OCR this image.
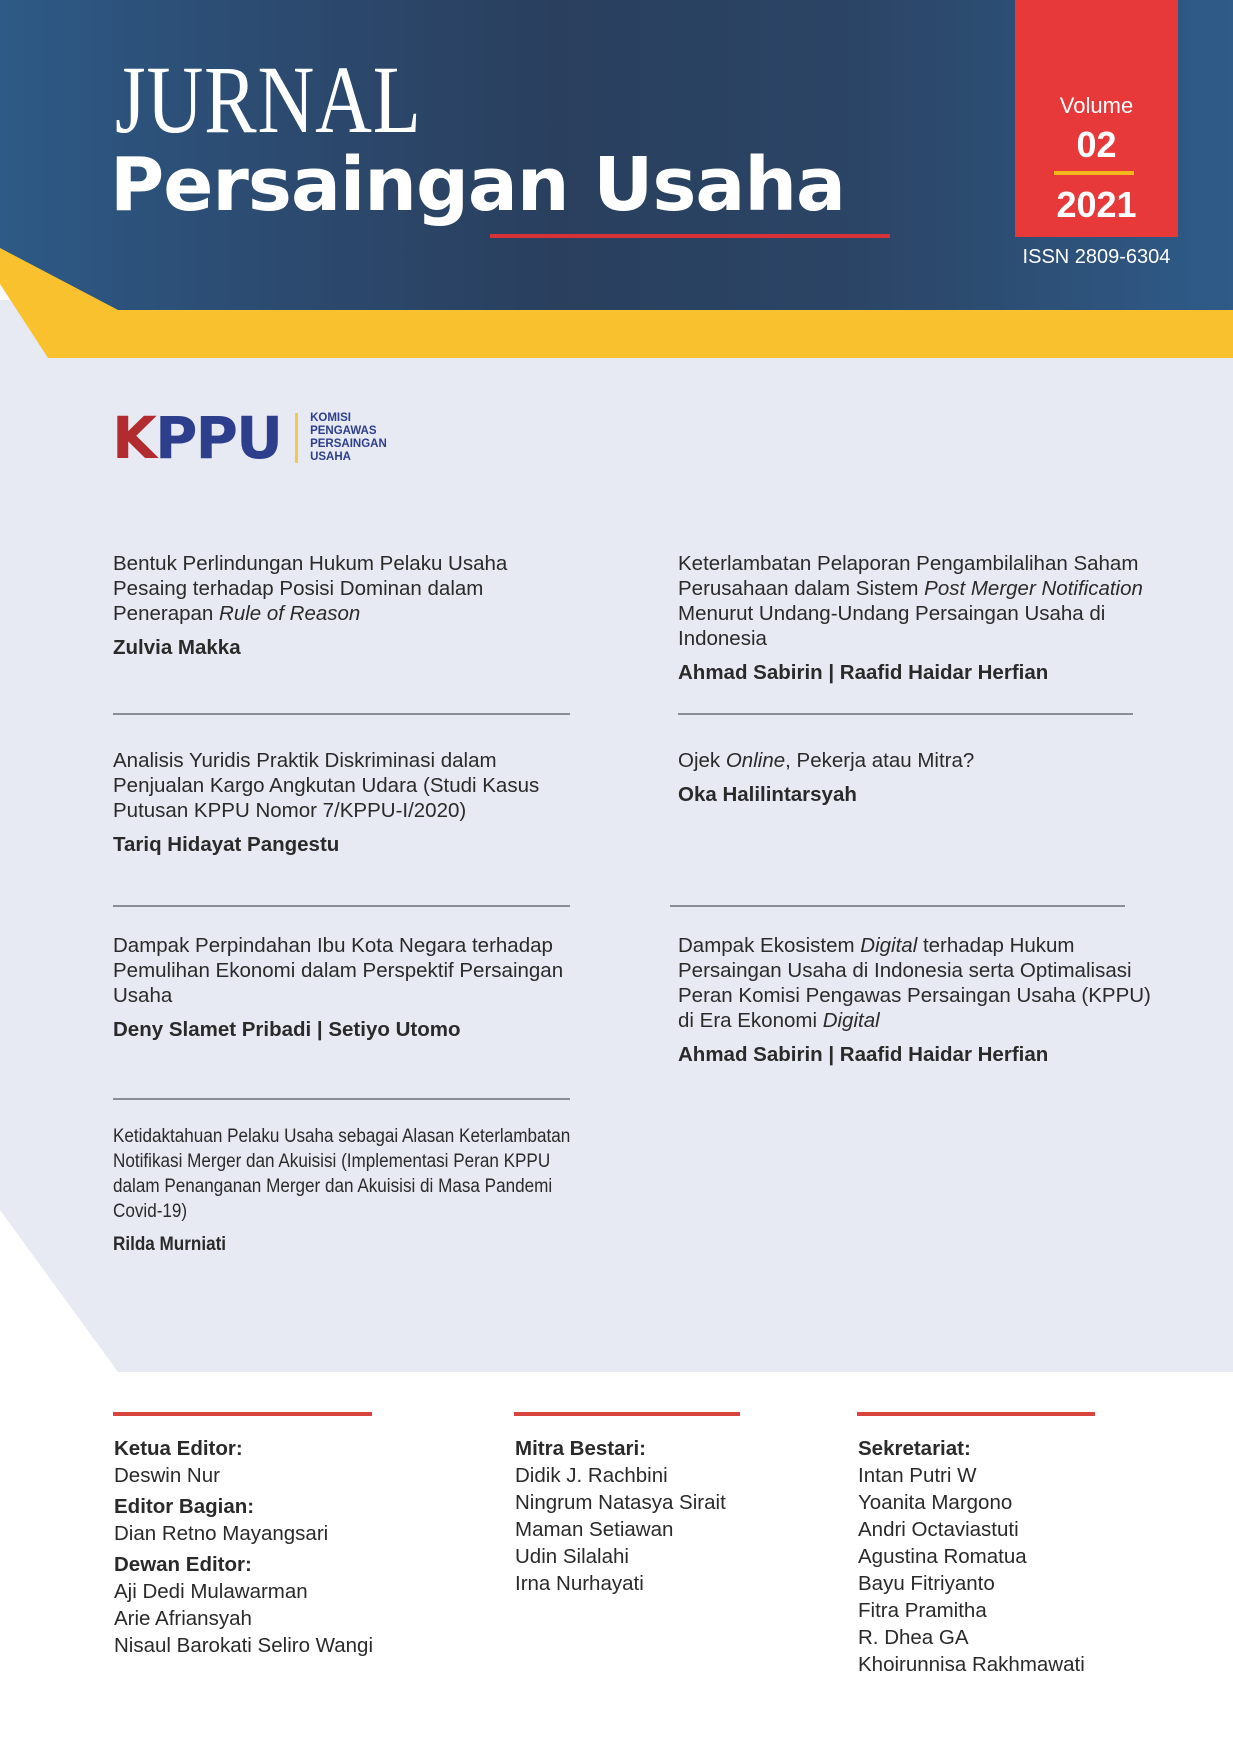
JURNAL
Persaingan Usaha
Volume
02
2021
ISSN 2809-6304
KPPU	KOMISI
PENGAWAS
PERSAINGAN
USAHA
Bentuk Perlindungan Hukum Pelaku Usaha Pesaing terhadap Posisi Dominan dalam Penerapan Rule of Reason
Zulvia Makka
Keterlambatan Pelaporan Pengambilalihan Saham Perusahaan dalam Sistem Post Merger Notification Menurut Undang-Undang Persaingan Usaha di Indonesia
Ahmad Sabirin | Raafid Haidar Herfian
Analisis Yuridis Praktik Diskriminasi dalam Penjualan Kargo Angkutan Udara (Studi Kasus Putusan KPPU Nomor 7/KPPU-I/2020)
Tariq Hidayat Pangestu
Ojek Online, Pekerja atau Mitra?
Oka Halilintarsyah
Dampak Perpindahan Ibu Kota Negara terhadap Pemulihan Ekonomi dalam Perspektif Persaingan Usaha
Deny Slamet Pribadi | Setiyo Utomo
Dampak Ekosistem Digital terhadap Hukum Persaingan Usaha di Indonesia serta Optimalisasi Peran Komisi Pengawas Persaingan Usaha (KPPU) di Era Ekonomi Digital
Ahmad Sabirin | Raafid Haidar Herfian
Ketidaktahuan Pelaku Usaha sebagai Alasan Keterlambatan Notifikasi Merger dan Akuisisi (Implementasi Peran KPPU dalam Penanganan Merger dan Akuisisi di Masa Pandemi Covid-19)
Rilda Murniati
Ketua Editor:
Deswin Nur
Editor Bagian:
Dian Retno Mayangsari
Dewan Editor:
Aji Dedi Mulawarman
Arie Afriansyah
Nisaul Barokati Seliro Wangi
Mitra Bestari:
Didik J. Rachbini
Ningrum Natasya Sirait
Maman Setiawan
Udin Silalahi
Irna Nurhayati
Sekretariat:
Intan Putri W
Yoanita Margono
Andri Octaviastuti
Agustina Romatua
Bayu Fitriyanto
Fitra Pramitha
R. Dhea GA
Khoirunnisa Rakhmawati
